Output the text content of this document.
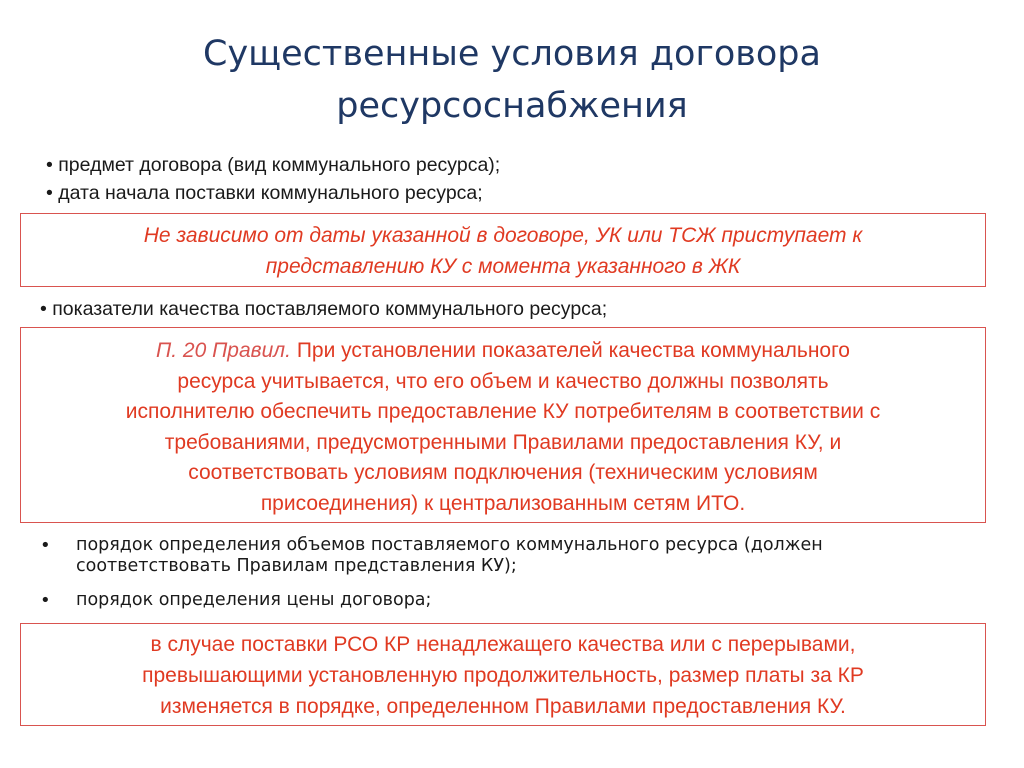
Существенные условия договора
ресурсоснабжения
• предмет договора (вид коммунального ресурса);
• дата начала поставки коммунального ресурса;
Не зависимо от даты указанной в договоре, УК или ТСЖ приступает к
представлению КУ с момента указанного в ЖК
• показатели качества поставляемого коммунального ресурса;
П. 20 Правил. При установлении показателей качества коммунального
ресурса учитывается, что его объем и качество должны позволять
исполнителю обеспечить предоставление КУ потребителям в соответствии с
требованиями, предусмотренными Правилами предоставления КУ, и
соответствовать условиям подключения (техническим условиям
присоединения) к централизованным сетям ИТО.
• порядок определения объемов поставляемого коммунального ресурса (должен
соответствовать Правилам представления КУ);
• порядок определения цены договора;
в случае поставки РСО КР ненадлежащего качества или с перерывами,
превышающими установленную продолжительность, размер платы за КР
изменяется в порядке, определенном Правилами предоставления КУ.
